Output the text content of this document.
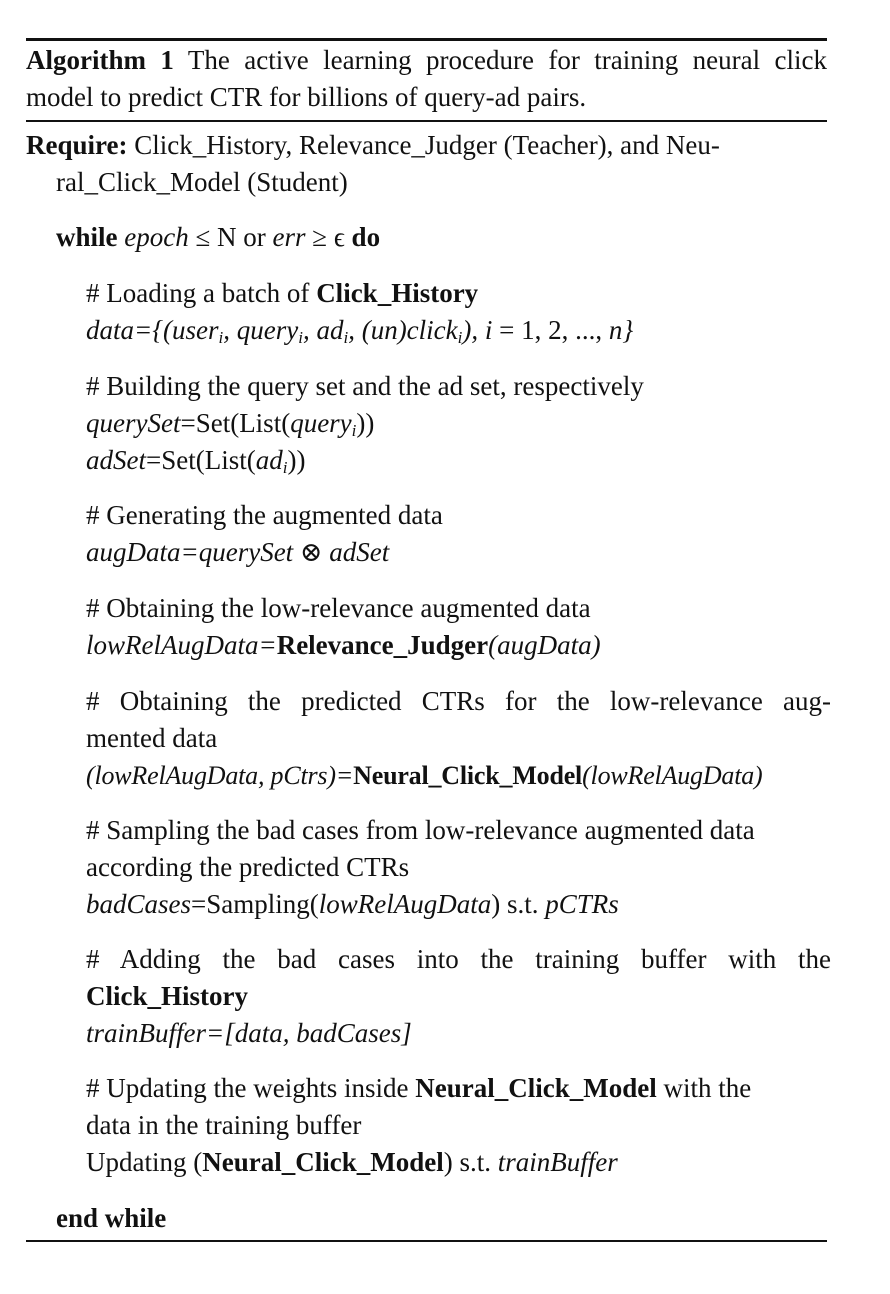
Algorithm 1 The active learning procedure for training neural click model to predict CTR for billions of query-ad pairs.
Require: Click_History, Relevance_Judger (Teacher), and Neu-
ral_Click_Model (Student)
while epoch ≤ N or err ≥ ϵ do
# Loading a batch of Click_History
data={(user$_i$, query$_i$, $ad_i$, (un)click$_i$), i = 1, 2, ..., n}
# Building the query set and the ad set, respectively
querySet=Set(List(query$_i$))
$adSet=Set(List(ad_i))$
# Generating the augmented data
augData=querySet ⊗ adSet
# Obtaining the low-relevance augmented data
lowRelAugData=Relevance_Judger(augData)
# Obtaining the predicted CTRs for the low-relevance aug-
mented data
(lowRelAugData, pCtrs)=Neural_Click_Model(lowRelAugData)
# Sampling the bad cases from low-relevance augmented data
according the predicted CTRs
badCases=Sampling(lowRelAugData) s.t. pCTRs
# Adding the bad cases into the training buffer with the
Click_History
trainBuffer=[data, badCases]
# Updating the weights inside Neural_Click_Model with the
data in the training buffer
Updating (Neural_Click_Model) s.t. trainBuffer
end while
